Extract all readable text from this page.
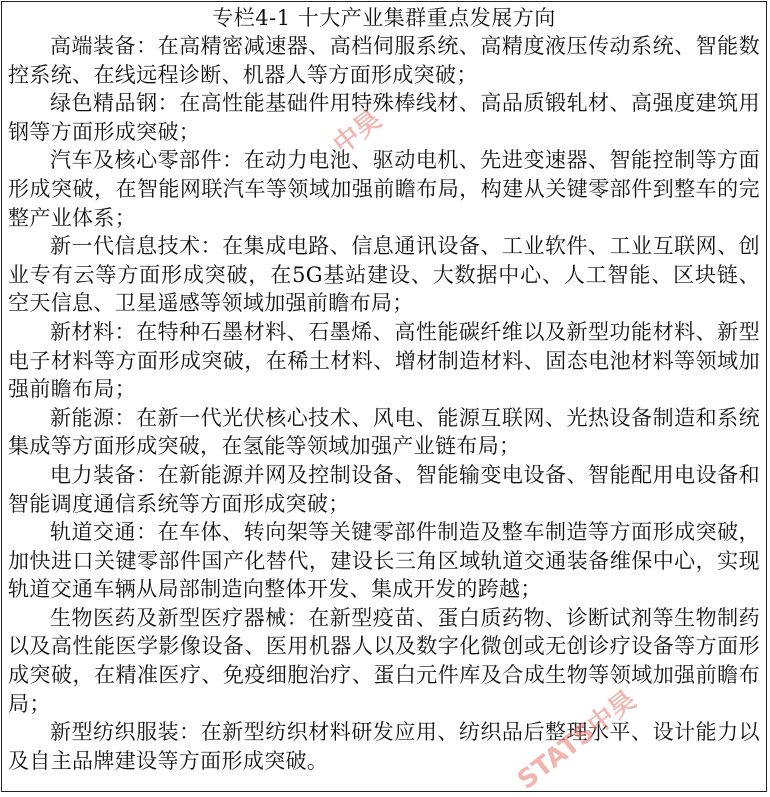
专栏4-1 十大产业集群重点发展方向

高端装备：在高精密减速器、高档伺服系统、高精度液压传动系统、智能数控系统、在线远程诊断、机器人等方面形成突破；

绿色精品钢：在高性能基础件用特殊棒线材、高品质锻轧材、高强度建筑用钢等方面形成突破；

汽车及核心零部件：在动力电池、驱动电机、先进变速器、智能控制等方面形成突破，在智能网联汽车等领域加强前瞻布局，构建从关键零部件到整车的完整产业体系；

新一代信息技术：在集成电路、信息通讯设备、工业软件、工业互联网、创业专有云等方面形成突破，在5G基站建设、大数据中心、人工智能、区块链、空天信息、卫星遥感等领域加强前瞻布局；

新材料：在特种石墨材料、石墨烯、高性能碳纤维以及新型功能材料、新型电子材料等方面形成突破，在稀土材料、增材制造材料、固态电池材料等领域加强前瞻布局；

新能源：在新一代光伏核心技术、风电、能源互联网、光热设备制造和系统集成等方面形成突破，在氢能等领域加强产业链布局；

电力装备：在新能源并网及控制设备、智能输变电设备、智能配用电设备和智能调度通信系统等方面形成突破；

轨道交通：在车体、转向架等关键零部件制造及整车制造等方面形成突破，加快进口关键零部件国产化替代，建设长三角区域轨道交通装备维保中心，实现轨道交通车辆从局部制造向整体开发、集成开发的跨越；

生物医药及新型医疗器械：在新型疫苗、蛋白质药物、诊断试剂等生物制药以及高性能医学影像设备、医用机器人以及数字化微创或无创诊疗设备等方面形成突破，在精准医疗、免疫细胞治疗、蛋白元件库及合成生物等领域加强前瞻布局；

新型纺织服装：在新型纺织材料研发应用、纺织品后整理水平、设计能力以及自主品牌建设等方面形成突破。

中昊
STATS中昊
